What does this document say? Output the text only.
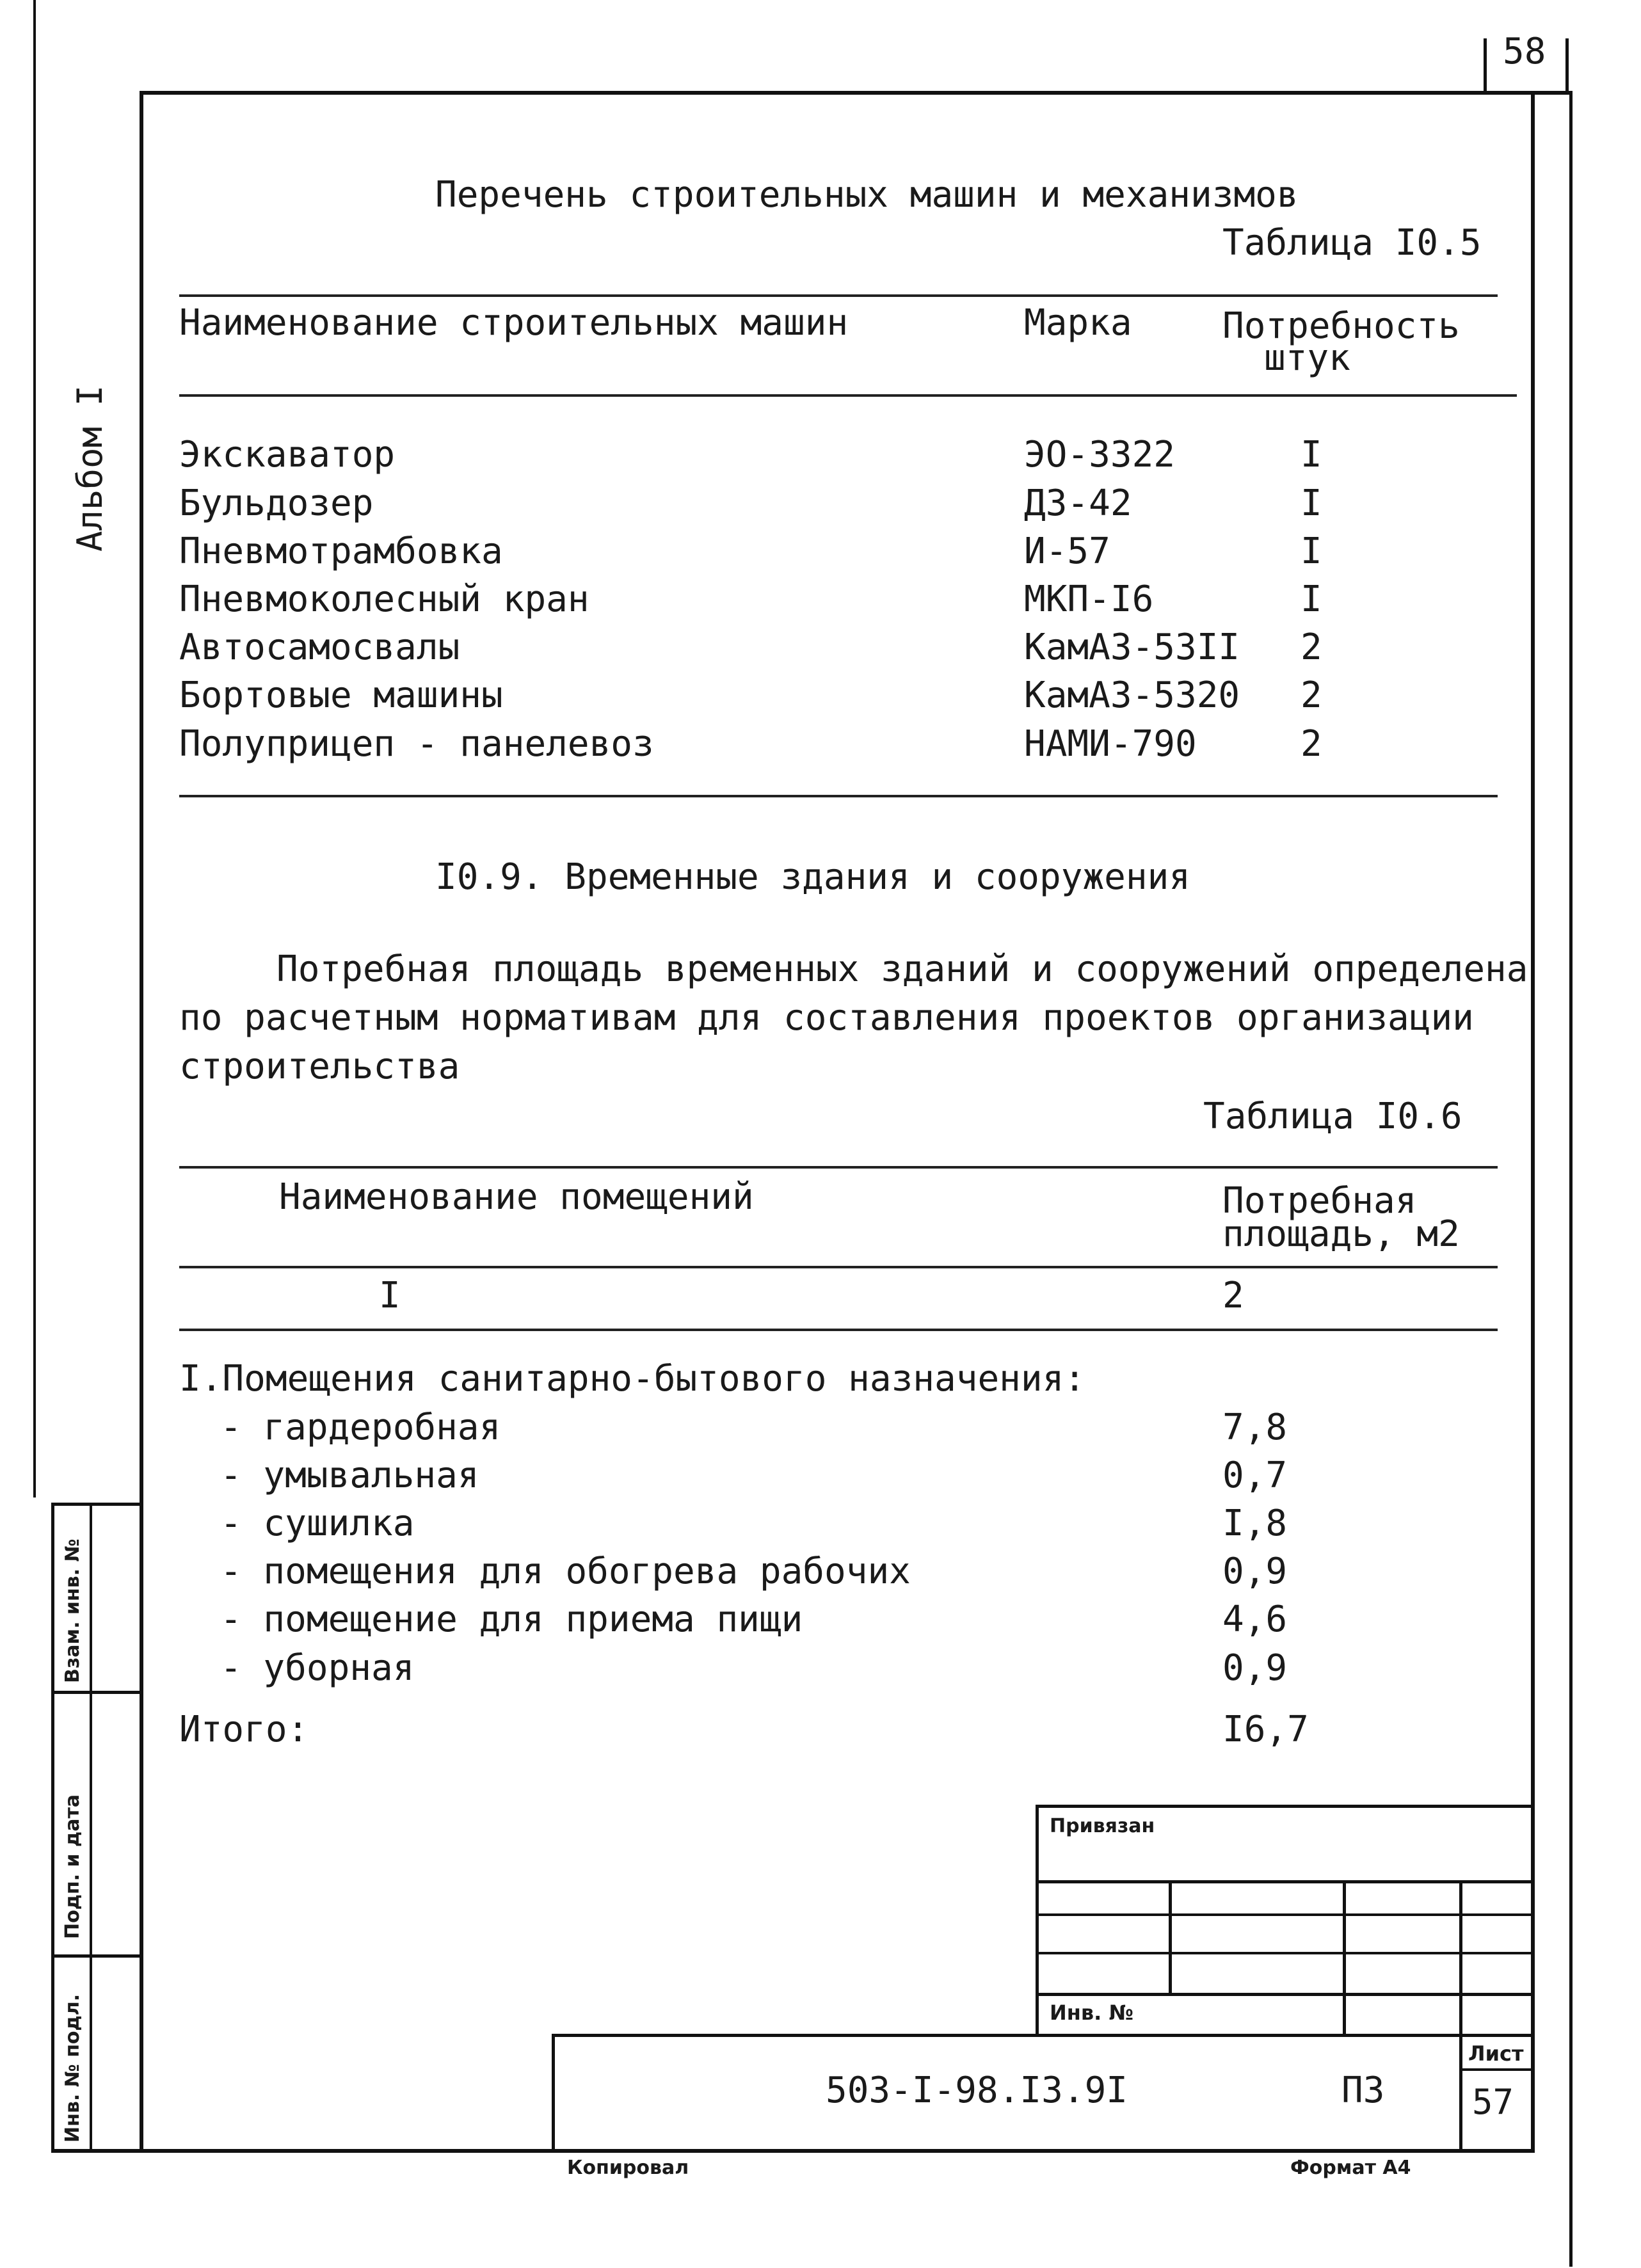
58
Альбом I
Перечень строительных машин и механизмов
Таблица I0.5
Наименование строительных машин	Марка	Потребность
штук
Экскаватор	ЭО-3322	I
Бульдозер	ДЗ-42	I
Пневмотрамбовка	И-57	I
Пневмоколесный кран	МКП-I6	I
Автосамосвалы	КамАЗ-53II 2
Бортовые машины	КамАЗ-5320 2
Полуприцеп - панелевоз	НАМИ-790	2
I0.9. Временные здания и сооружения
Потребная площадь временных зданий и сооружений определена
по расчетным нормативам для составления проектов организации
строительства
Таблица I0.6
Наименование помещений	Потребная
площадь, м2
I	2
I.Помещения санитарно-бытового назначения:
- гардеробная	7,8
- умывальная	0,7
- сушилка	I,8
- помещения для обогрева рабочих	0,9
- помещение для приема пищи	4,6
- уборная	0,9
Итого:	I6,7
Привязан
Инв. №
503-I-98.I3.9I	ПЗ
Лист
57
Взам. инв. №
Подп. и дата
Инв. № подл.
Копировал	Формат А4
